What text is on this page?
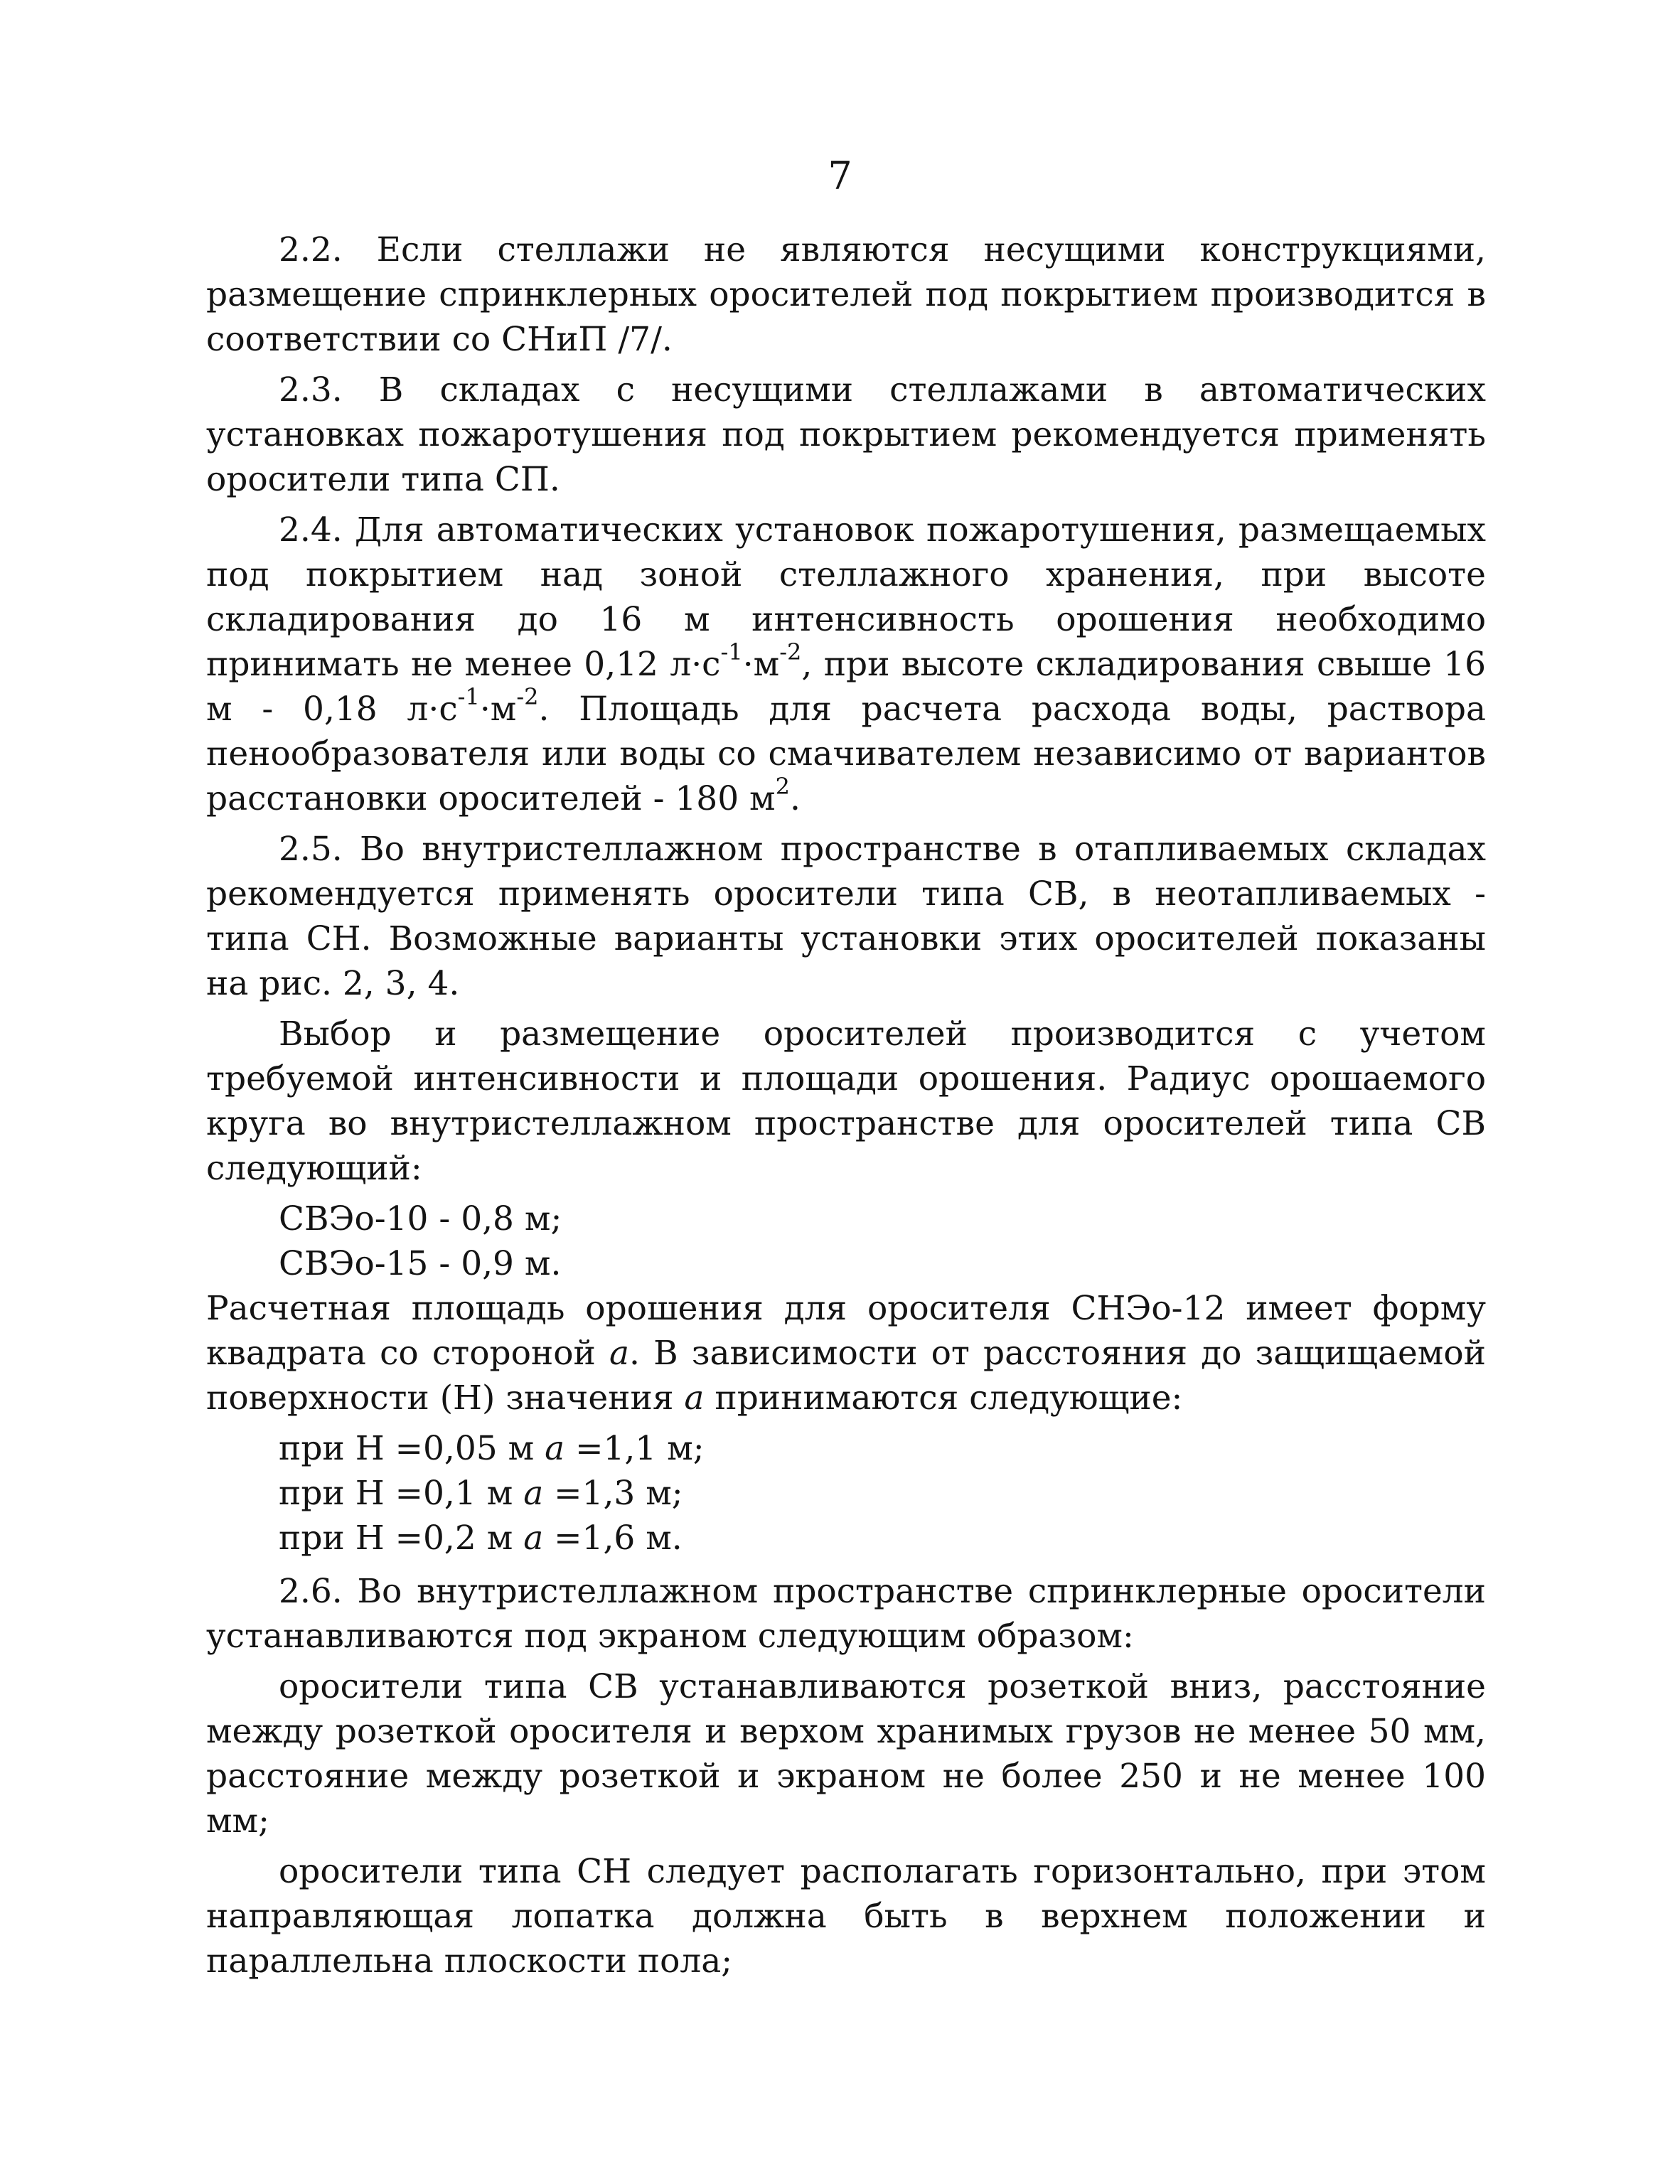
7

2.2. Если стеллажи не являются несущими конструкциями, размещение спринклерных оросителей под покрытием производится в соответствии со СНиП /7/.

2.3. В складах с несущими стеллажами в автоматических установках пожаротушения под покрытием рекомендуется применять оросители типа СП.

2.4. Для автоматических установок пожаротушения, размещаемых под покрытием над зоной стеллажного хранения, при высоте складирования до 16 м интенсивность орошения необходимо принимать не менее 0,12 $л\cdot с^{-1}\cdot м^{-2}$, при высоте складирования свыше 16 м - 0,18 $л\cdot с^{-1}\cdot м^{-2}$. Площадь для расчета расхода воды, раствора пенообразователя или воды со смачивателем независимо от вариантов расстановки оросителей - 180 $м^2$.

2.5. Во внутристеллажном пространстве в отапливаемых складах рекомендуется применять оросители типа СВ, в неотапливаемых - типа СН. Возможные варианты установки этих оросителей показаны на рис. 2, 3, 4.

Выбор и размещение оросителей производится с учетом требуемой интенсивности и площади орошения. Радиус орошаемого круга во внутристеллажном пространстве для оросителей типа СВ следующий:

СВЭо-10 - 0,8 м;

СВЭо-15 - 0,9 м.

Расчетная площадь орошения для оросителя СНЭо-12 имеет форму квадрата со стороной a. В зависимости от расстояния до защищаемой поверхности (Н) значения a принимаются следующие:

при H =0,05 м a =1,1 м;

при H =0,1 м a =1,3 м;

при H =0,2 м a =1,6 м.

2.6. Во внутристеллажном пространстве спринклерные оросители устанавливаются под экраном следующим образом:

оросители типа СВ устанавливаются розеткой вниз, расстояние между розеткой оросителя и верхом хранимых грузов не менее 50 мм, расстояние между розеткой и экраном не более 250 и не менее 100 мм;

оросители типа СН следует располагать горизонтально, при этом направляющая лопатка должна быть в верхнем положении и параллельна плоскости пола;
